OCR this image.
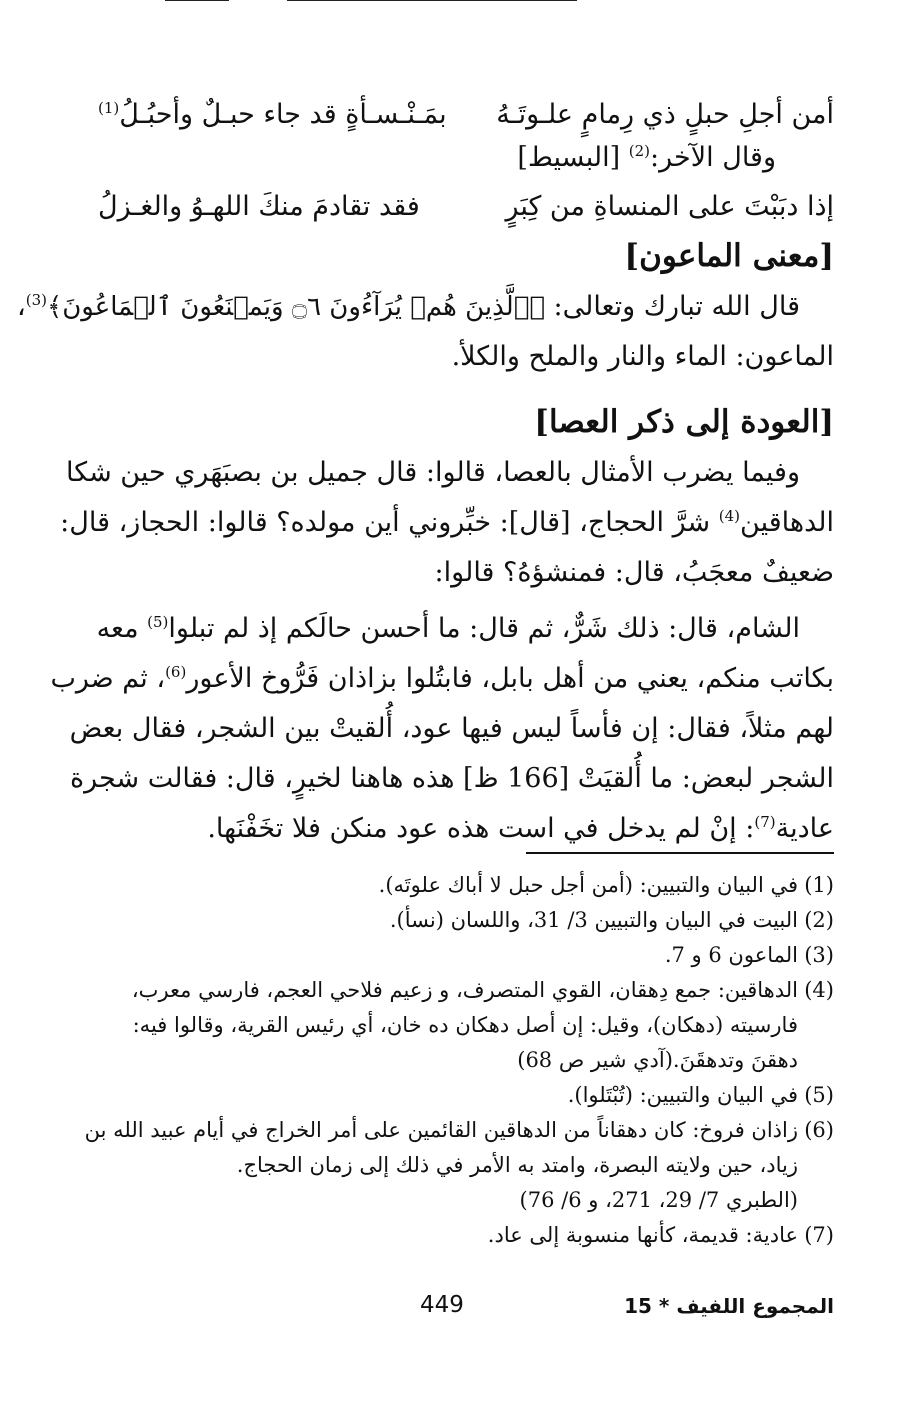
أمن أجلِ حبلٍ ذي رِمامٍ علـوتَـهُ
بمَـنْـسـأةٍ قد جاء حبـلٌ وأحبُـلُ$^{(1)}$
وقال الآخر:$^{(2)}$ [البسيط]
إذا دبَبْتَ على المنساةِ من كِبَرٍ
فقد تقادمَ منكَ اللهـوُ والغـزلُ
[معنى الماعون]
قال الله تبارك وتعالى: ﴿ٱلَّذِينَ هُمۡ يُرَآءُونَ ۝٦ وَيَمۡنَعُونَ ٱلۡمَاعُونَ﴾$^{(3)}$،
الماعون: الماء والنار والملح والكلأ.
[العودة إلى ذكر العصا]
وفيما يضرب الأمثال بالعصا، قالوا: قال جميل بن بصبَهَري حين شكا
الدهاقين$^{(4)}$ شرَّ الحجاج، [قال]: خبِّروني أين مولده؟ قالوا: الحجاز، قال:
ضعيفٌ معجَبُ، قال: فمنشؤهُ؟ قالوا:
الشام، قال: ذلك شَرٌّ، ثم قال: ما أحسن حالَكم إذ لم تبلوا$^{(5)}$ معه
بكاتب منكم، يعني من أهل بابل، فابتُلوا بزاذان فَرُّوخ الأعور$^{(6)}$، ثم ضرب
لهم مثلاً، فقال: إن فأساً ليس فيها عود، أُلقيتْ بين الشجر، فقال بعض
الشجر لبعض: ما أُلقيَتْ [166 ظ] هذه هاهنا لخيرٍ، قال: فقالت شجرة
عادية$^{(7)}$: إنْ لم يدخل في است هذه عود منكن فلا تخَفْنَها.
(1)
في البيان والتبيين: (أمن أجل حبل لا أباك علوتَه).
(2)
البيت في البيان والتبيين 3/ 31، واللسان (نسأ).
(3)
الماعون 6 و 7.
(4)
الدهاقين: جمع دِهقان، القوي المتصرف، و زعيم فلاحي العجم، فارسي معرب،
فارسيته (دهكان)، وقيل: إن أصل دهكان ده خان، أي رئيس القرية، وقالوا فيه:
دهقنَ وتدهقَنَ.(آدي شير ص 68)
(5)
في البيان والتبيين: (تُبْتَلوا).
(6)
زاذان فروخ: كان دهقاناً من الدهاقين القائمين على أمر الخراج في أيام عبيد الله بن
زياد، حين ولايته البصرة، وامتد به الأمر في ذلك إلى زمان الحجاج.
(الطبري 7/ 29، 271، و 6/ 76)
(7)
عادية: قديمة، كأنها منسوبة إلى عاد.
المجموع اللفيف * 15
449
